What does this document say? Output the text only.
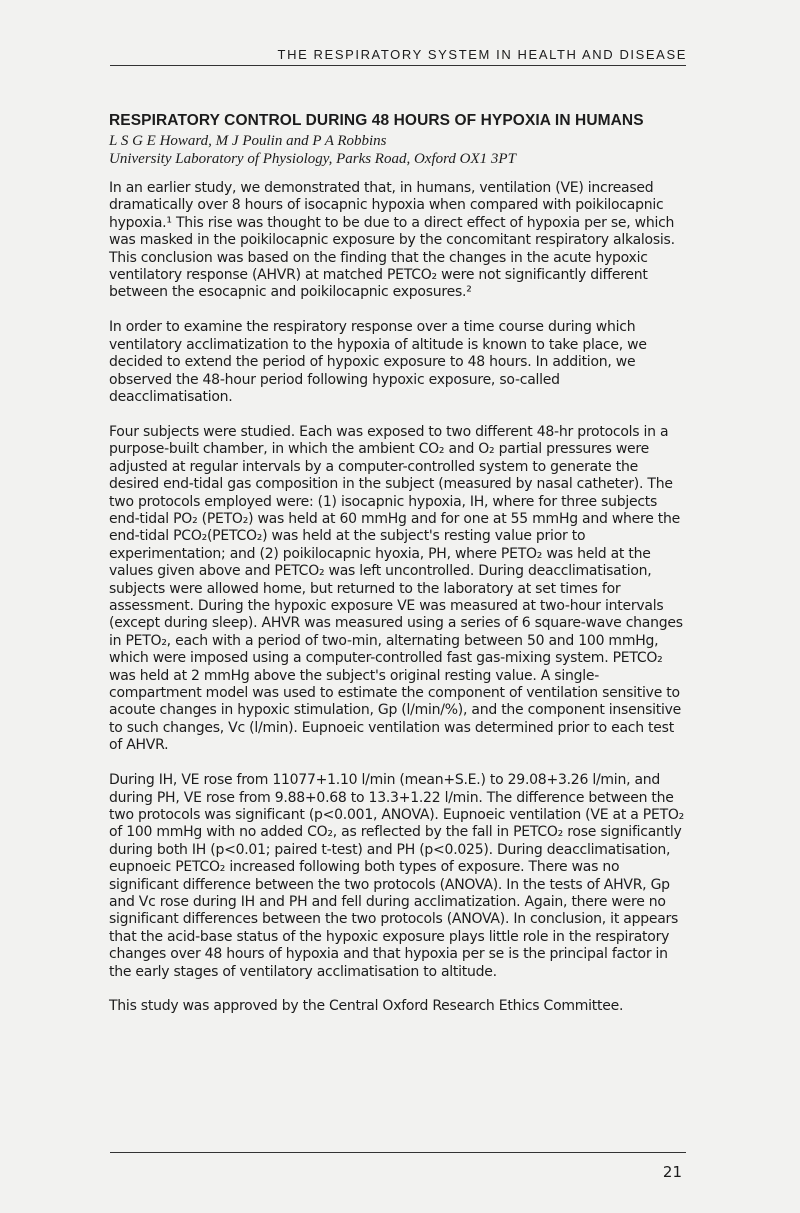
THE RESPIRATORY SYSTEM IN HEALTH AND DISEASE
RESPIRATORY CONTROL DURING 48 HOURS OF HYPOXIA IN HUMANS
L S G E Howard, M J Poulin and P A Robbins
University Laboratory of Physiology, Parks Road, Oxford OX1 3PT

In an earlier study, we demonstrated that, in humans, ventilation (VE) increased dramatically over 8 hours of isocapnic hypoxia when compared with poikilocapnic hypoxia.¹ This rise was thought to be due to a direct effect of hypoxia per se, which was masked in the poikilocapnic exposure by the concomitant respiratory alkalosis. This conclusion was based on the finding that the changes in the acute hypoxic ventilatory response (AHVR) at matched PETCO₂ were not significantly different between the esocapnic and poikilocapnic exposures.²

In order to examine the respiratory response over a time course during which ventilatory acclimatization to the hypoxia of altitude is known to take place, we decided to extend the period of hypoxic exposure to 48 hours. In addition, we observed the 48-hour period following hypoxic exposure, so-called deacclimatisation.

Four subjects were studied. Each was exposed to two different 48-hr protocols in a purpose-built chamber, in which the ambient CO₂ and O₂ partial pressures were adjusted at regular intervals by a computer-controlled system to generate the desired end-tidal gas composition in the subject (measured by nasal catheter). The two protocols employed were: (1) isocapnic hypoxia, IH, where for three subjects end-tidal PO₂ (PETO₂) was held at 60 mmHg and for one at 55 mmHg and where the end-tidal PCO₂(PETCO₂) was held at the subject's resting value prior to experimentation; and (2) poikilocapnic hyoxia, PH, where PETO₂ was held at the values given above and PETCO₂ was left uncontrolled. During deacclimatisation, subjects were allowed home, but returned to the laboratory at set times for assessment. During the hypoxic exposure VE was measured at two-hour intervals (except during sleep). AHVR was measured using a series of 6 square-wave changes in PETO₂, each with a period of two-min, alternating between 50 and 100 mmHg, which were imposed using a computer-controlled fast gas-mixing system. PETCO₂ was held at 2 mmHg above the subject's original resting value. A single-compartment model was used to estimate the component of ventilation sensitive to acoute changes in hypoxic stimulation, Gp (l/min/%), and the component insensitive to such changes, Vc (l/min). Eupnoeic ventilation was determined prior to each test of AHVR.

During IH, VE rose from 11077+1.10 l/min (mean+S.E.) to 29.08+3.26 l/min, and during PH, VE rose from 9.88+0.68 to 13.3+1.22 l/min. The difference between the two protocols was significant (p<0.001, ANOVA). Eupnoeic ventilation (VE at a PETO₂ of 100 mmHg with no added CO₂, as reflected by the fall in PETCO₂ rose significantly during both IH (p<0.01; paired t-test) and PH (p<0.025). During deacclimatisation, eupnoeic PETCO₂ increased following both types of exposure. There was no significant difference between the two protocols (ANOVA). In the tests of AHVR, Gp and Vc rose during IH and PH and fell during acclimatization. Again, there were no significant differences between the two protocols (ANOVA). In conclusion, it appears that the acid-base status of the hypoxic exposure plays little role in the respiratory changes over 48 hours of hypoxia and that hypoxia per se is the principal factor in the early stages of ventilatory acclimatisation to altitude.

This study was approved by the Central Oxford Research Ethics Committee.

21
